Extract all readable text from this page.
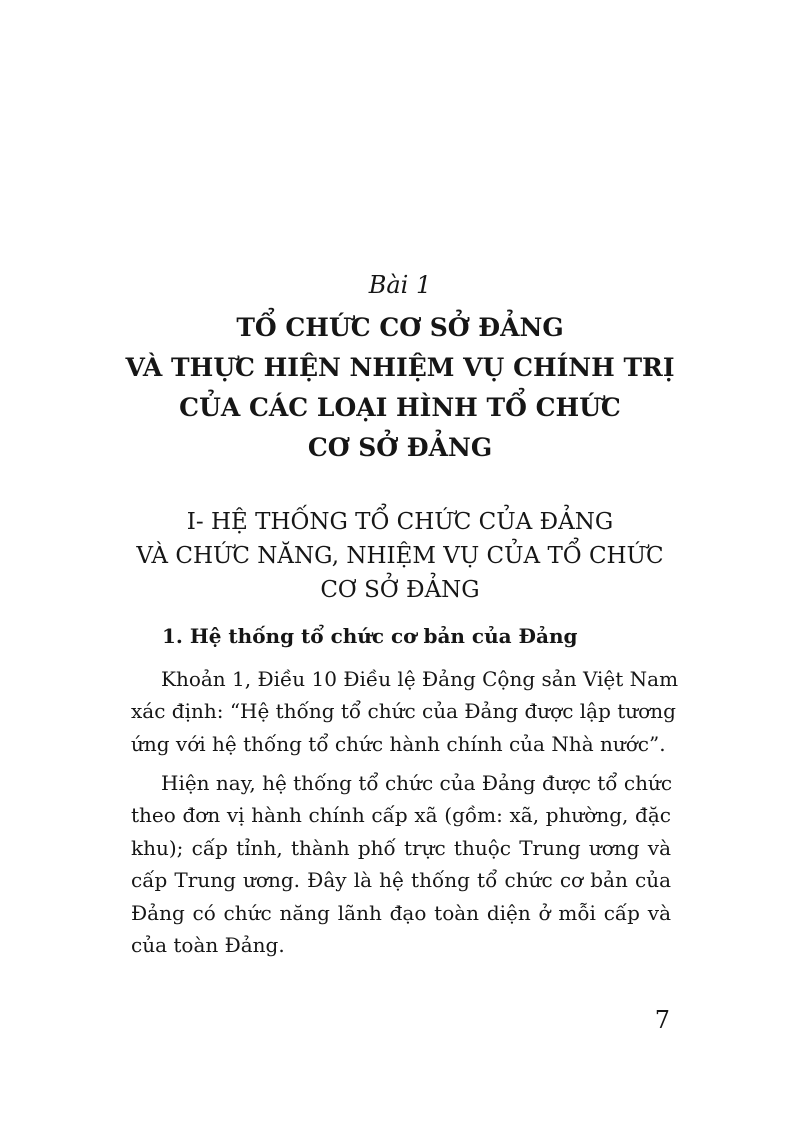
Bài 1
TỔ CHỨC CƠ SỞ ĐẢNG
VÀ THỰC HIỆN NHIỆM VỤ CHÍNH TRỊ
CỦA CÁC LOẠI HÌNH TỔ CHỨC
CƠ SỞ ĐẢNG
I- HỆ THỐNG TỔ CHỨC CỦA ĐẢNG
VÀ CHỨC NĂNG, NHIỆM VỤ CỦA TỔ CHỨC
CƠ SỞ ĐẢNG
1. Hệ thống tổ chức cơ bản của Đảng
Khoản 1, Điều 10 Điều lệ Đảng Cộng sản Việt Nam
xác định: “Hệ thống tổ chức của Đảng được lập tương
ứng với hệ thống tổ chức hành chính của Nhà nước”.
Hiện nay, hệ thống tổ chức của Đảng được tổ chức
theo đơn vị hành chính cấp xã (gồm: xã, phường, đặc
khu); cấp tỉnh, thành phố trực thuộc Trung ương và
cấp Trung ương. Đây là hệ thống tổ chức cơ bản của
Đảng có chức năng lãnh đạo toàn diện ở mỗi cấp và
của toàn Đảng.
7
